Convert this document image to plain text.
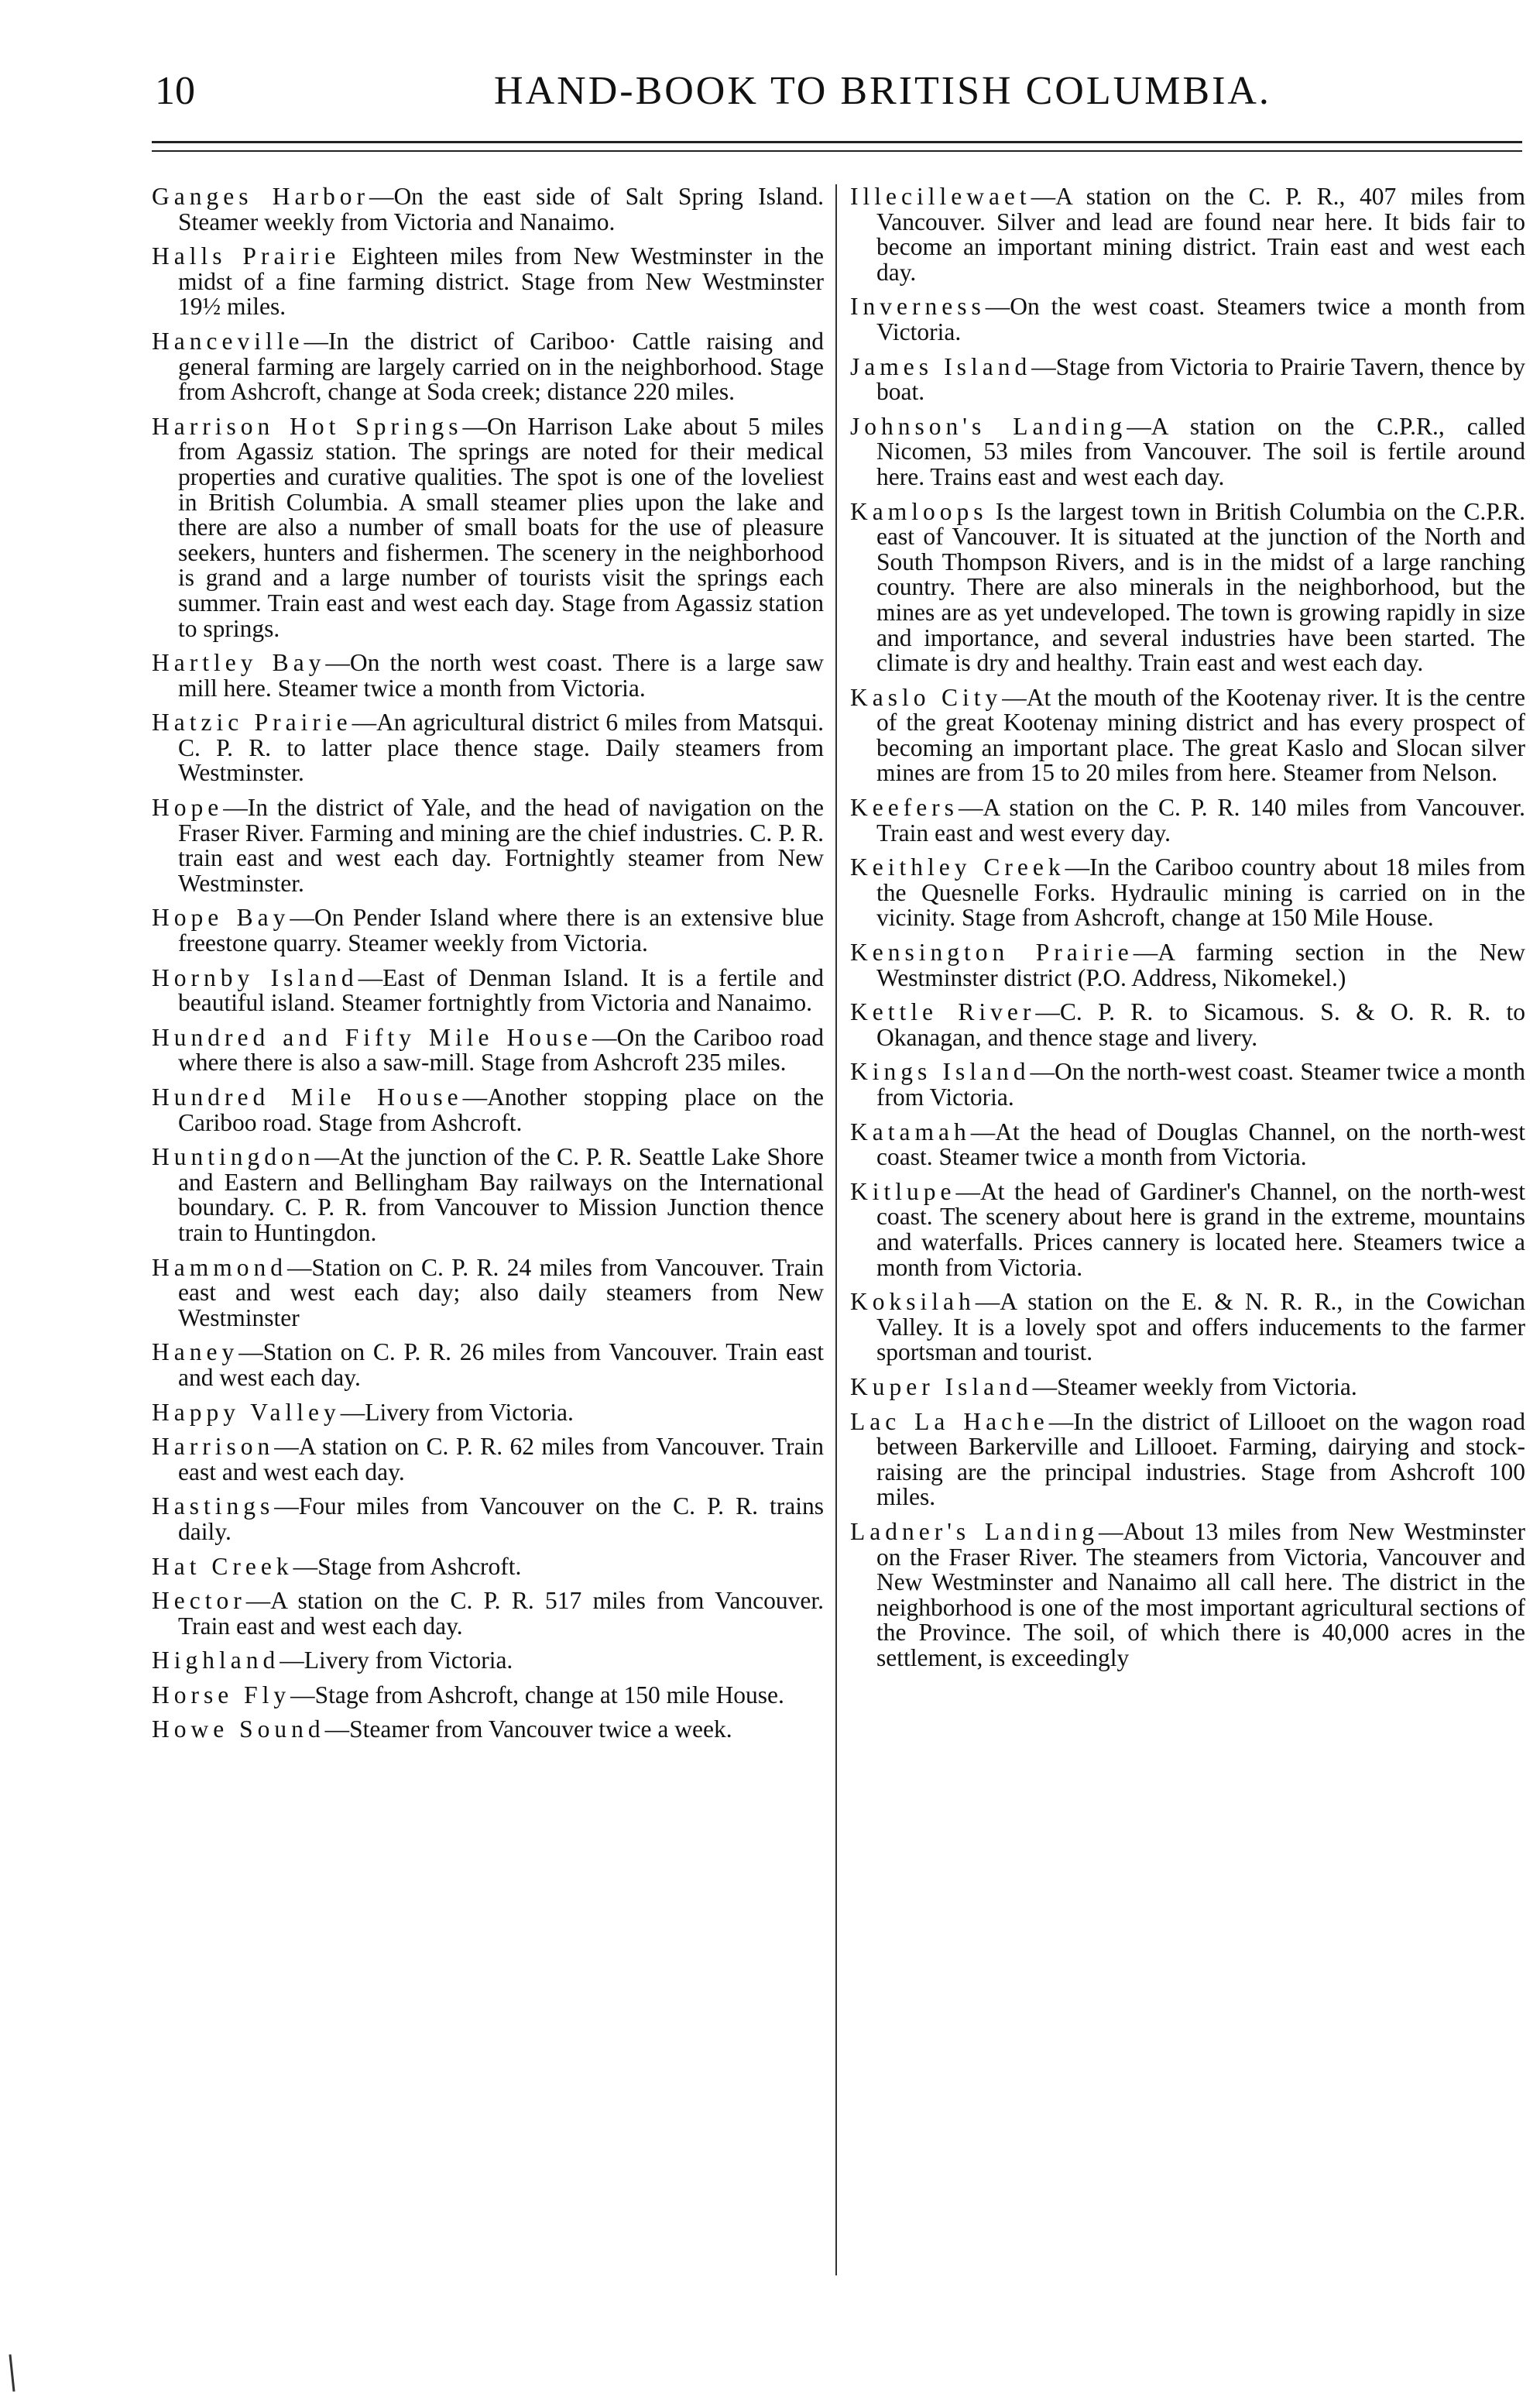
10	HAND-BOOK TO BRITISH COLUMBIA.

Ganges Harbor—On the east side of Salt Spring Island. Steamer weekly from Victoria and Nanaimo.

Halls Prairie Eighteen miles from New Westminster in the midst of a fine farming district. Stage from New Westminster 19½ miles.

Hanceville—In the district of Cariboo· Cattle raising and general farming are largely carried on in the neighborhood. Stage from Ashcroft, change at Soda creek; distance 220 miles.

Harrison Hot Springs—On Harrison Lake about 5 miles from Agassiz station. The springs are noted for their medical properties and curative qualities. The spot is one of the loveliest in British Columbia. A small steamer plies upon the lake and there are also a number of small boats for the use of pleasure seekers, hunters and fishermen. The scenery in the neighborhood is grand and a large number of tourists visit the springs each summer. Train east and west each day. Stage from Agassiz station to springs.

Hartley Bay—On the north west coast. There is a large saw mill here. Steamer twice a month from Victoria.

Hatzic Prairie—An agricultural district 6 miles from Matsqui. C. P. R. to latter place thence stage. Daily steamers from Westminster.

Hope—In the district of Yale, and the head of navigation on the Fraser River. Farming and mining are the chief industries. C. P. R. train east and west each day. Fortnightly steamer from New Westminster.

Hope Bay—On Pender Island where there is an extensive blue freestone quarry. Steamer weekly from Victoria.

Hornby Island—East of Denman Island. It is a fertile and beautiful island. Steamer fortnightly from Victoria and Nanaimo.

Hundred and Fifty Mile House—On the Cariboo road where there is also a saw-mill. Stage from Ashcroft 235 miles.

Hundred Mile House—Another stopping place on the Cariboo road. Stage from Ashcroft.

Huntingdon—At the junction of the C. P. R. Seattle Lake Shore and Eastern and Bellingham Bay railways on the International boundary. C. P. R. from Vancouver to Mission Junction thence train to Huntingdon.

Hammond—Station on C. P. R. 24 miles from Vancouver. Train east and west each day; also daily steamers from New Westminster

Haney—Station on C. P. R. 26 miles from Vancouver. Train east and west each day.

Happy Valley—Livery from Victoria.

Harrison—A station on C. P. R. 62 miles from Vancouver. Train east and west each day.

Hastings—Four miles from Vancouver on the C. P. R. trains daily.

Hat Creek—Stage from Ashcroft.

Hector—A station on the C. P. R. 517 miles from Vancouver. Train east and west each day.

Highland—Livery from Victoria.

Horse Fly—Stage from Ashcroft, change at 150 mile House.

Howe Sound—Steamer from Vancouver twice a week.

Illecillewaet—A station on the C. P. R., 407 miles from Vancouver. Silver and lead are found near here. It bids fair to become an important mining district. Train east and west each day.

Inverness—On the west coast. Steamers twice a month from Victoria.

James Island—Stage from Victoria to Prairie Tavern, thence by boat.

Johnson's Landing—A station on the C.P.R., called Nicomen, 53 miles from Vancouver. The soil is fertile around here. Trains east and west each day.

Kamloops Is the largest town in British Columbia on the C.P.R. east of Vancouver. It is situated at the junction of the North and South Thompson Rivers, and is in the midst of a large ranching country. There are also minerals in the neighborhood, but the mines are as yet undeveloped. The town is growing rapidly in size and importance, and several industries have been started. The climate is dry and healthy. Train east and west each day.

Kaslo City—At the mouth of the Kootenay river. It is the centre of the great Kootenay mining district and has every prospect of becoming an important place. The great Kaslo and Slocan silver mines are from 15 to 20 miles from here. Steamer from Nelson.

Keefers—A station on the C. P. R. 140 miles from Vancouver. Train east and west every day.

Keithley Creek—In the Cariboo country about 18 miles from the Quesnelle Forks. Hydraulic mining is carried on in the vicinity. Stage from Ashcroft, change at 150 Mile House.

Kensington Prairie—A farming section in the New Westminster district (P.O. Address, Nikomekel.)

Kettle River—C. P. R. to Sicamous. S. & O. R. R. to Okanagan, and thence stage and livery.

Kings Island—On the north-west coast. Steamer twice a month from Victoria.

Katamah—At the head of Douglas Channel, on the north-west coast. Steamer twice a month from Victoria.

Kitlupe—At the head of Gardiner's Channel, on the north-west coast. The scenery about here is grand in the extreme, mountains and waterfalls. Prices cannery is located here. Steamers twice a month from Victoria.

Koksilah—A station on the E. & N. R. R., in the Cowichan Valley. It is a lovely spot and offers inducements to the farmer sportsman and tourist.

Kuper Island—Steamer weekly from Victoria.

Lac La Hache—In the district of Lillooet on the wagon road between Barkerville and Lillooet. Farming, dairying and stock-raising are the principal industries. Stage from Ashcroft 100 miles.

Ladner's Landing—About 13 miles from New Westminster on the Fraser River. The steamers from Victoria, Vancouver and New Westminster and Nanaimo all call here. The district in the neighborhood is one of the most important agricultural sections of the Province. The soil, of which there is 40,000 acres in the settlement, is exceedingly
